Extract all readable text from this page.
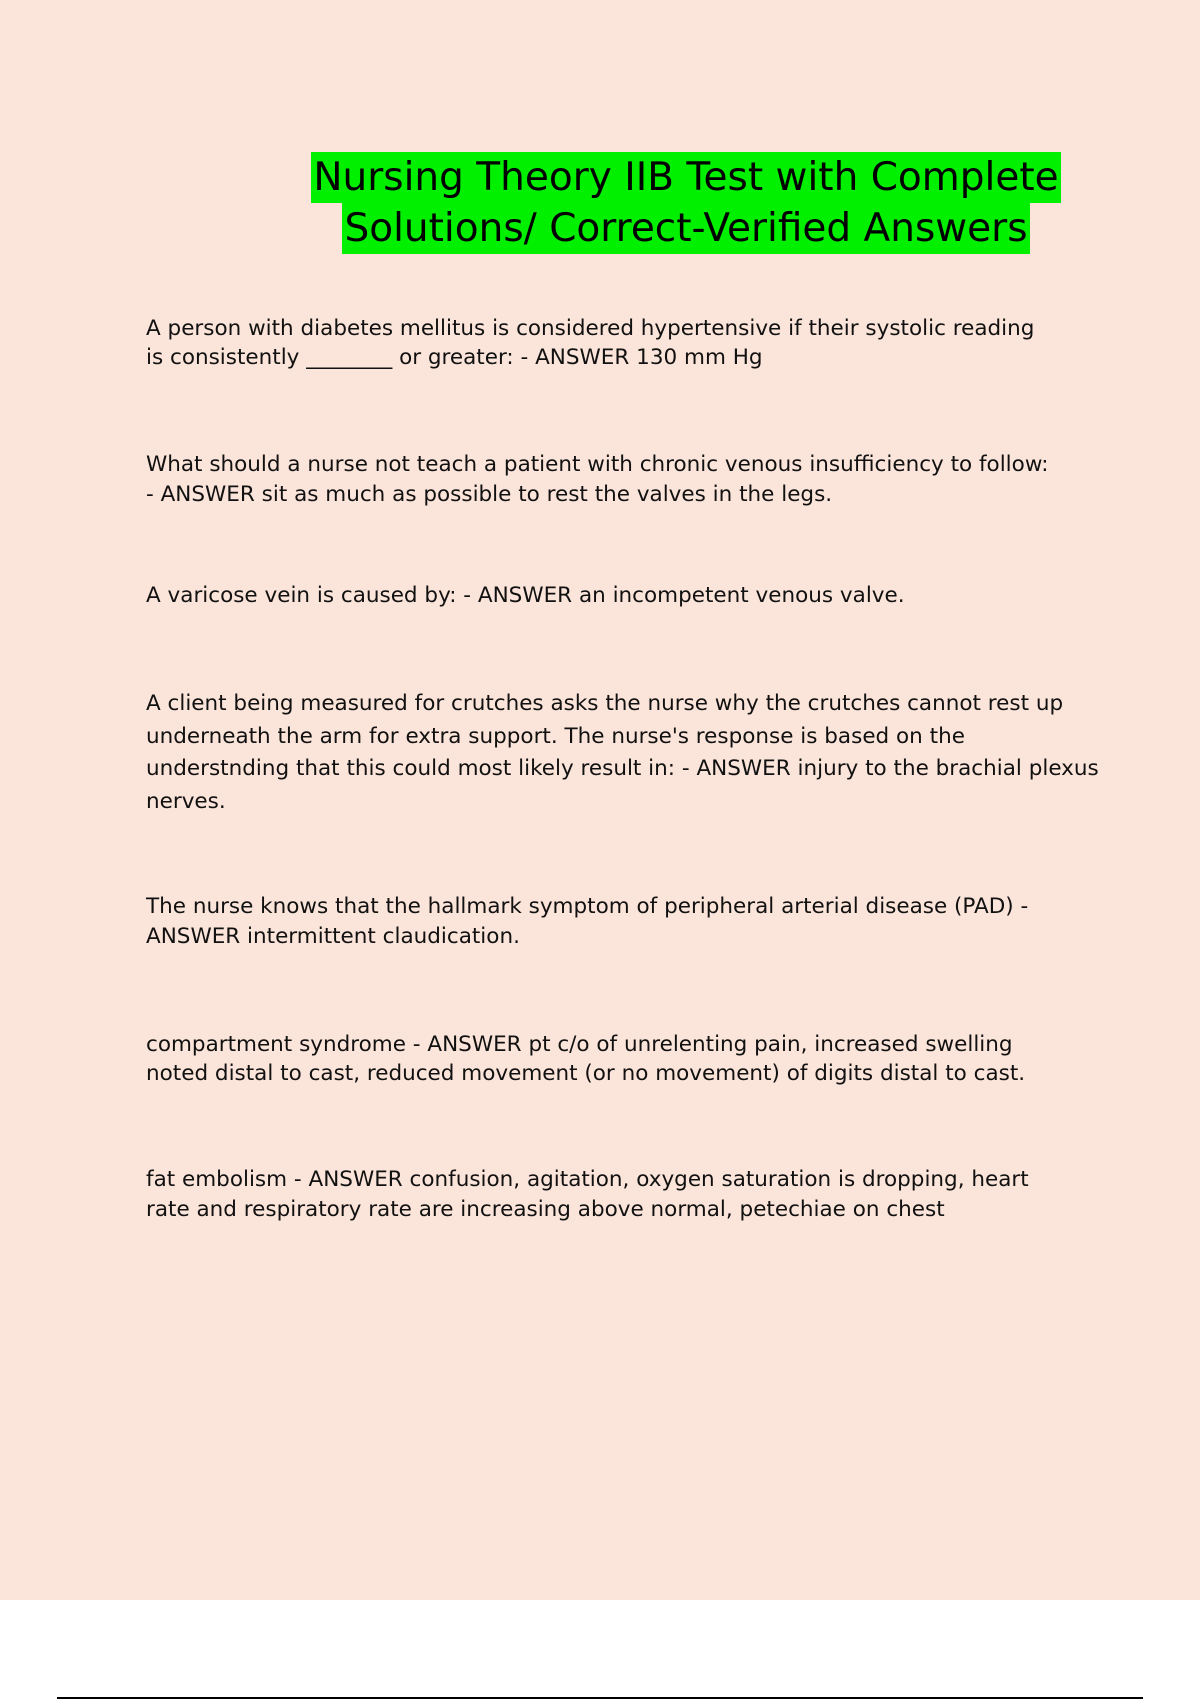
Nursing Theory IIB Test with Complete
Solutions/ Correct-Verified Answers
A person with diabetes mellitus is considered hypertensive if their systolic reading
is consistently ________ or greater: - ANSWER 130 mm Hg
What should a nurse not teach a patient with chronic venous insufficiency to follow:
- ANSWER sit as much as possible to rest the valves in the legs.
A varicose vein is caused by: - ANSWER an incompetent venous valve.
A client being measured for crutches asks the nurse why the crutches cannot rest up
underneath the arm for extra support. The nurse's response is based on the
understnding that this could most likely result in: - ANSWER injury to the brachial plexus
nerves.
The nurse knows that the hallmark symptom of peripheral arterial disease (PAD) -
ANSWER intermittent claudication.
compartment syndrome - ANSWER pt c/o of unrelenting pain, increased swelling
noted distal to cast, reduced movement (or no movement) of digits distal to cast.
fat embolism - ANSWER confusion, agitation, oxygen saturation is dropping, heart
rate and respiratory rate are increasing above normal, petechiae on chest
